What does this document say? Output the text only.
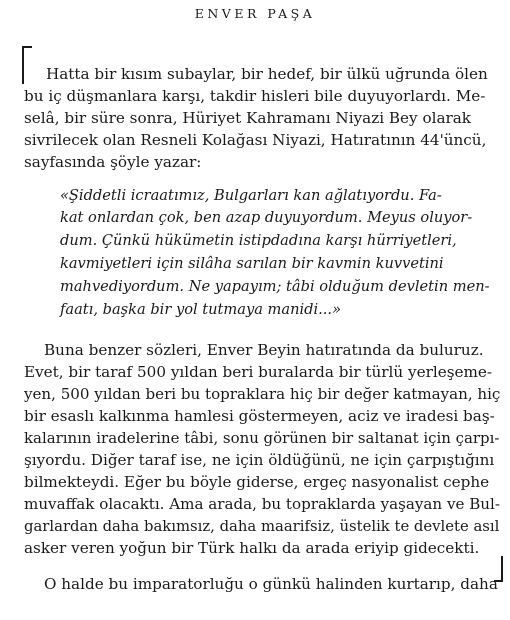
ENVER PAŞA
Hatta bir kısım subaylar, bir hedef, bir ülkü uğrunda ölen
bu iç düşmanlara karşı, takdir hisleri bile duyuyorlardı. Me-
selâ, bir süre sonra, Hüriyet Kahramanı Niyazi Bey olarak
sivrilecek olan Resneli Kolağası Niyazi, Hatıratının 44'üncü,
sayfasında şöyle yazar:
«Şiddetli icraatımız, Bulgarları kan ağlatıyordu. Fa-
kat onlardan çok, ben azap duyuyordum. Meyus oluyor-
dum. Çünkü hükümetin istipdadına karşı hürriyetleri,
kavmiyetleri için silâha sarılan bir kavmin kuvvetini
mahvediyordum. Ne yapayım; tâbi olduğum devletin men-
faatı, başka bir yol tutmaya manidi...»
Buna benzer sözleri, Enver Beyin hatıratında da buluruz.
Evet, bir taraf 500 yıldan beri buralarda bir türlü yerleşeme-
yen, 500 yıldan beri bu topraklara hiç bir değer katmayan, hiç
bir esaslı kalkınma hamlesi göstermeyen, aciz ve iradesi baş-
kalarının iradelerine tâbi, sonu görünen bir saltanat için çarpı-
şıyordu. Diğer taraf ise, ne için öldüğünü, ne için çarpıştığını
bilmekteydi. Eğer bu böyle giderse, ergeç nasyonalist cephe
muvaffak olacaktı. Ama arada, bu topraklarda yaşayan ve Bul-
garlardan daha bakımsız, daha maarifsiz, üstelik te devlete asıl
asker veren yoğun bir Türk halkı da arada eriyip gidecekti.
O halde bu imparatorluğu o günkü halinden kurtarıp, daha
